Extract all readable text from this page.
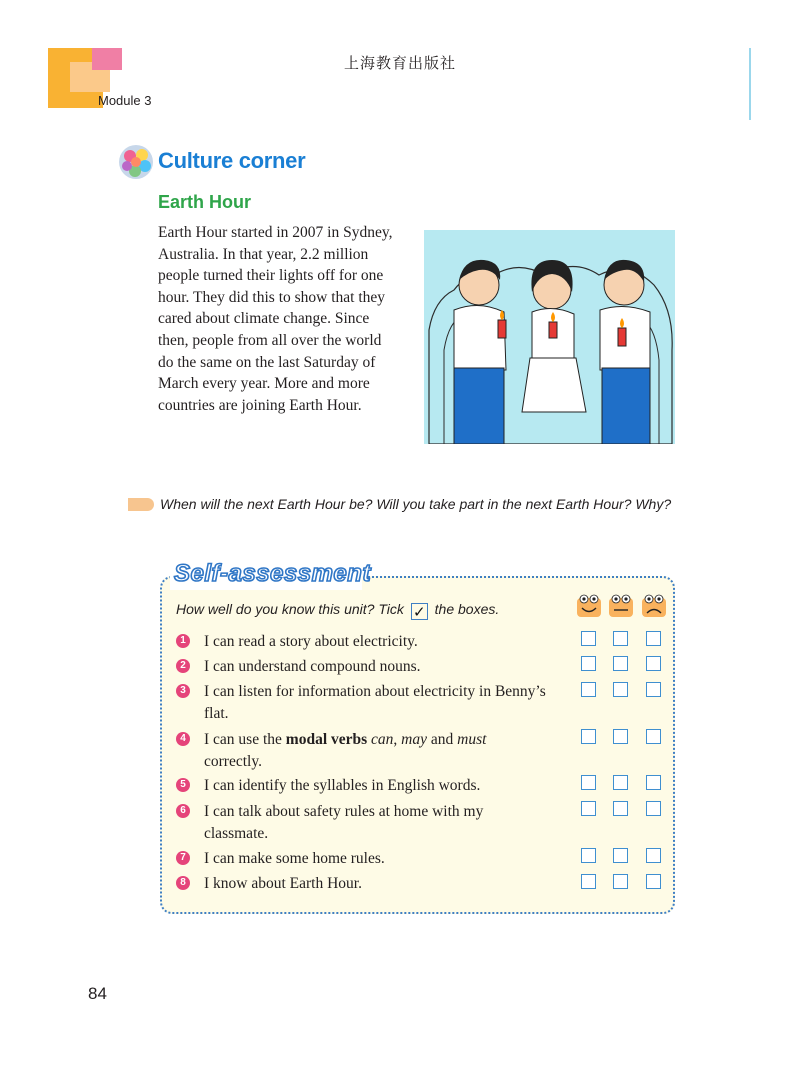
Module 3
上海教育出版社
Culture corner
Earth Hour
Earth Hour started in 2007 in Sydney, Australia. In that year, 2.2 million people turned their lights off for one hour. They did this to show that they cared about climate change. Since then, people from all over the world do the same on the last Saturday of March every year. More and more countries are joining Earth Hour.
When will the next Earth Hour be? Will you take part in the next Earth Hour? Why?
Self-assessment
How well do you know this unit? Tick ✓ the boxes.
1 I can read a story about electricity.
2 I can understand compound nouns.
3 I can listen for information about electricity in Benny’s flat.
4 I can use the modal verbs can, may and must correctly.
5 I can identify the syllables in English words.
6 I can talk about safety rules at home with my classmate.
7 I can make some home rules.
8 I know about Earth Hour.
84
